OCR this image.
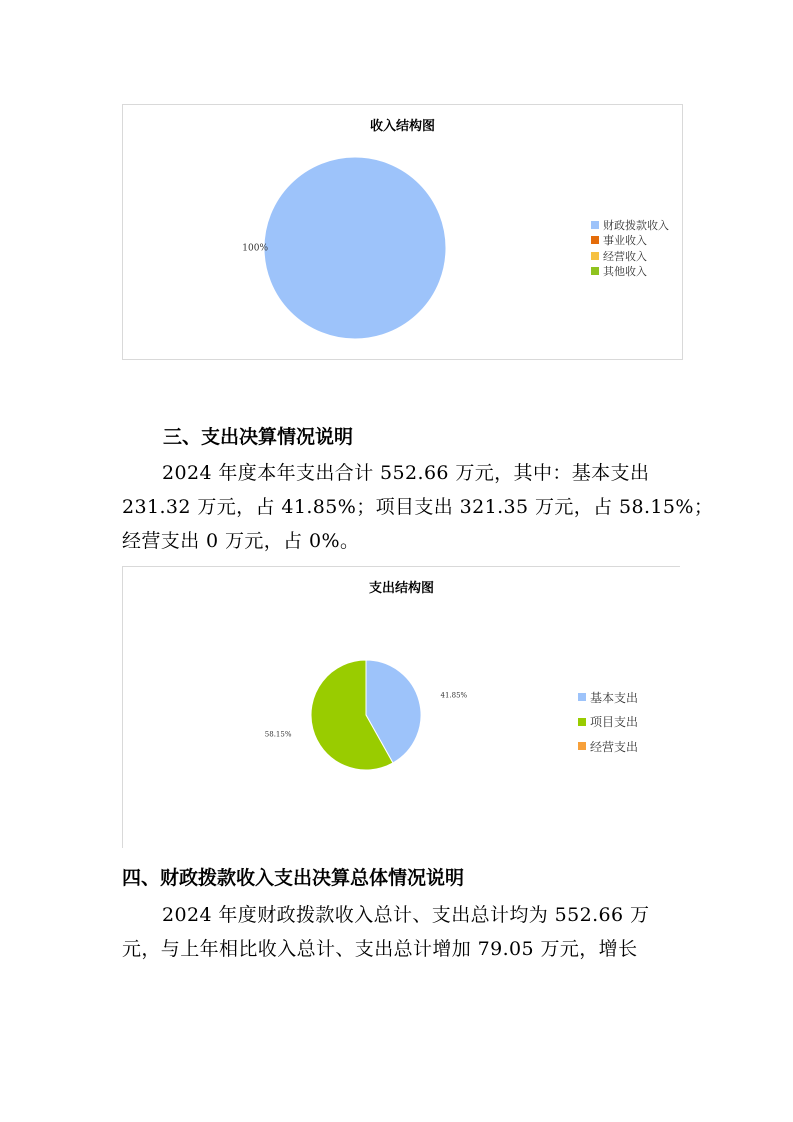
收入结构图
100%
财政拨款收入
事业收入
经营收入
其他收入
三、支出决算情况说明

2024 年度本年支出合计 552.66 万元，其中：基本支出
231.32 万元，占 41.85%；项目支出 321.35 万元，占 58.15%；
经营支出 0 万元，占 0%。

支出结构图
41.85%
58.15%
基本支出
项目支出
经营支出
四、财政拨款收入支出决算总体情况说明

2024 年度财政拨款收入总计、支出总计均为 552.66 万
元，与上年相比收入总计、支出总计增加 79.05 万元，增长
